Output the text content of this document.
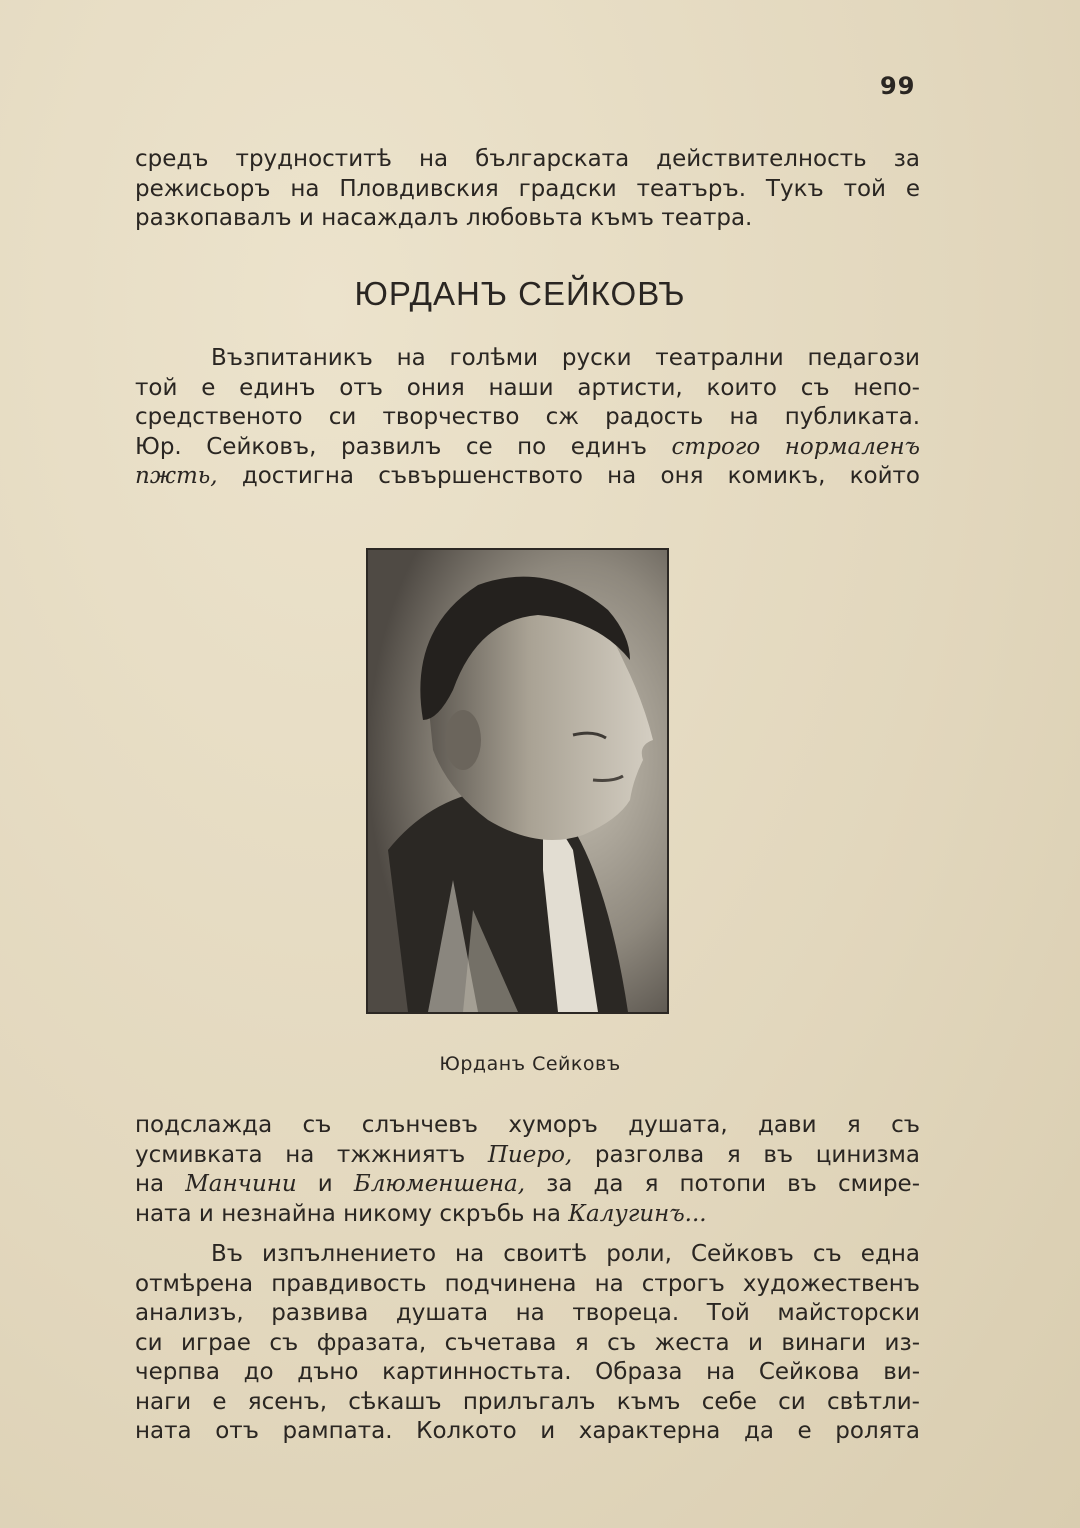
99
средъ трудноститѣ на българската действителность за
режисьоръ на Пловдивския градски театъръ. Тукъ той е
разкопавалъ и насаждалъ любовьта къмъ театра.
ЮРДАНЪ СЕЙКОВЪ
Възпитаникъ на голѣми руски театрални педагози
той е единъ отъ ония наши артисти, които съ непо-
средственото си творчество сж радость на публиката.
Юр. Сейковъ, развилъ се по единъ строго нормаленъ
пжть, достигна съвършенството на оня комикъ, който
Юрданъ Сейковъ
подслажда съ слънчевъ хуморъ душата, дави я съ
усмивката на тжжниятъ Пиеро, разголва я въ цинизма
на Манчини и Блюменшена, за да я потопи въ смире-
ната и незнайна никому скръбь на Калугинъ...
Въ изпълнението на своитѣ роли, Сейковъ съ една
отмѣрена правдивость подчинена на строгъ художественъ
анализъ, развива душата на твореца. Той майсторски
си играе съ фразата, съчетава я съ жеста и винаги из-
черпва до дъно картинностьта. Образа на Сейкова ви-
наги е ясенъ, сѣкашъ прилъгалъ къмъ себе си свѣтли-
ната отъ рампата. Колкото и характерна да е ролята
